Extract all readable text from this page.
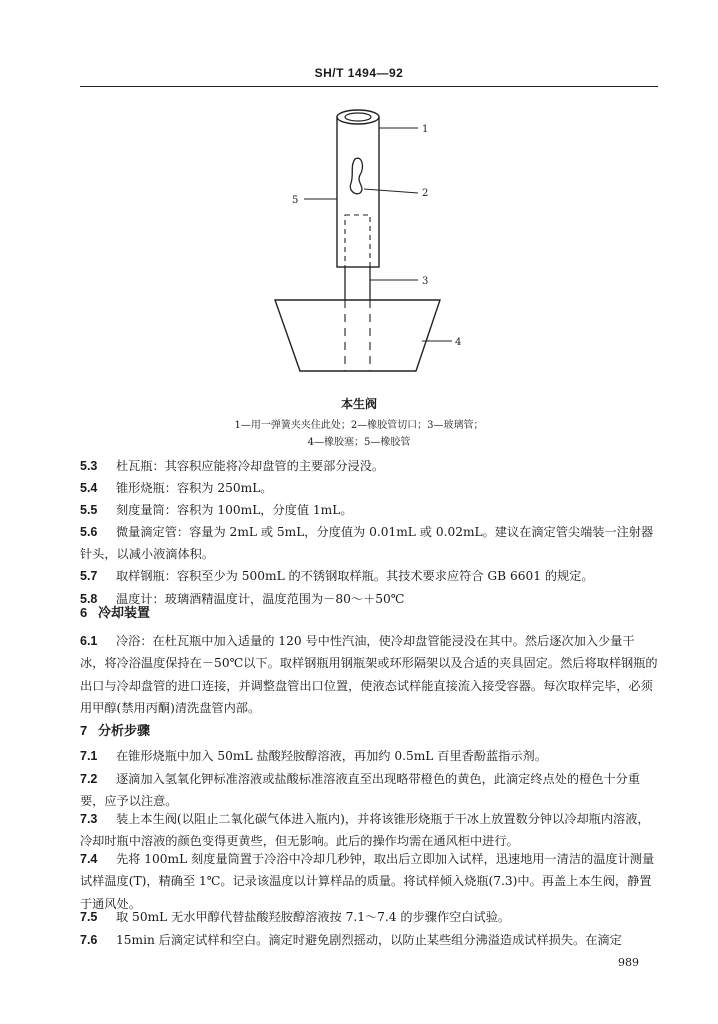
SH/T 1494—92
1
2
3
4
5
本生阀
1—用一弹簧夹夹住此处；2—橡胶管切口；3—玻璃管；
4—橡胶塞；5—橡胶管
5.3 杜瓦瓶：其容积应能将冷却盘管的主要部分浸没。
5.4 锥形烧瓶：容积为 250mL。
5.5 刻度量筒：容积为 100mL，分度值 1mL。
5.6	微量滴定管：容量为 2mL 或 5mL，分度值为 0.01mL 或 0.02mL。建议在滴定管尖端装一注射器针头，以减小液滴体积。
5.7 取样钢瓶：容积至少为 500mL 的不锈钢取样瓶。其技术要求应符合 GB 6601 的规定。
5.8 温度计：玻璃酒精温度计，温度范围为－80～＋50℃
6 冷却装置
6.1	冷浴：在杜瓦瓶中加入适量的 120 号中性汽油，使冷却盘管能浸没在其中。然后逐次加入少量干冰，将冷浴温度保持在－50℃以下。取样钢瓶用钢瓶架或环形隔架以及合适的夹具固定。然后将取样钢瓶的出口与冷却盘管的进口连接，并调整盘管出口位置，使液态试样能直接流入接受容器。每次取样完毕，必须用甲醇(禁用丙酮)清洗盘管内部。
7 分析步骤
7.1 在锥形烧瓶中加入 50mL 盐酸羟胺醇溶液，再加约 0.5mL 百里香酚蓝指示剂。
7.2	逐滴加入氢氧化钾标准溶液或盐酸标准溶液直至出现略带橙色的黄色，此滴定终点处的橙色十分重要，应予以注意。
7.3	装上本生阀(以阻止二氧化碳气体进入瓶内)，并将该锥形烧瓶于干冰上放置数分钟以冷却瓶内溶液，冷却时瓶中溶液的颜色变得更黄些，但无影响。此后的操作均需在通风柜中进行。
7.4	先将 100mL 刻度量筒置于冷浴中冷却几秒钟，取出后立即加入试样，迅速地用一清洁的温度计测量试样温度(T)，精确至 1℃。记录该温度以计算样品的质量。将试样倾入烧瓶(7.3)中。再盖上本生阀，静置于通风处。
7.5 取 50mL 无水甲醇代替盐酸羟胺醇溶液按 7.1～7.4 的步骤作空白试验。
7.6 15min 后滴定试样和空白。滴定时避免剧烈摇动，以防止某些组分沸溢造成试样损失。在滴定
989
